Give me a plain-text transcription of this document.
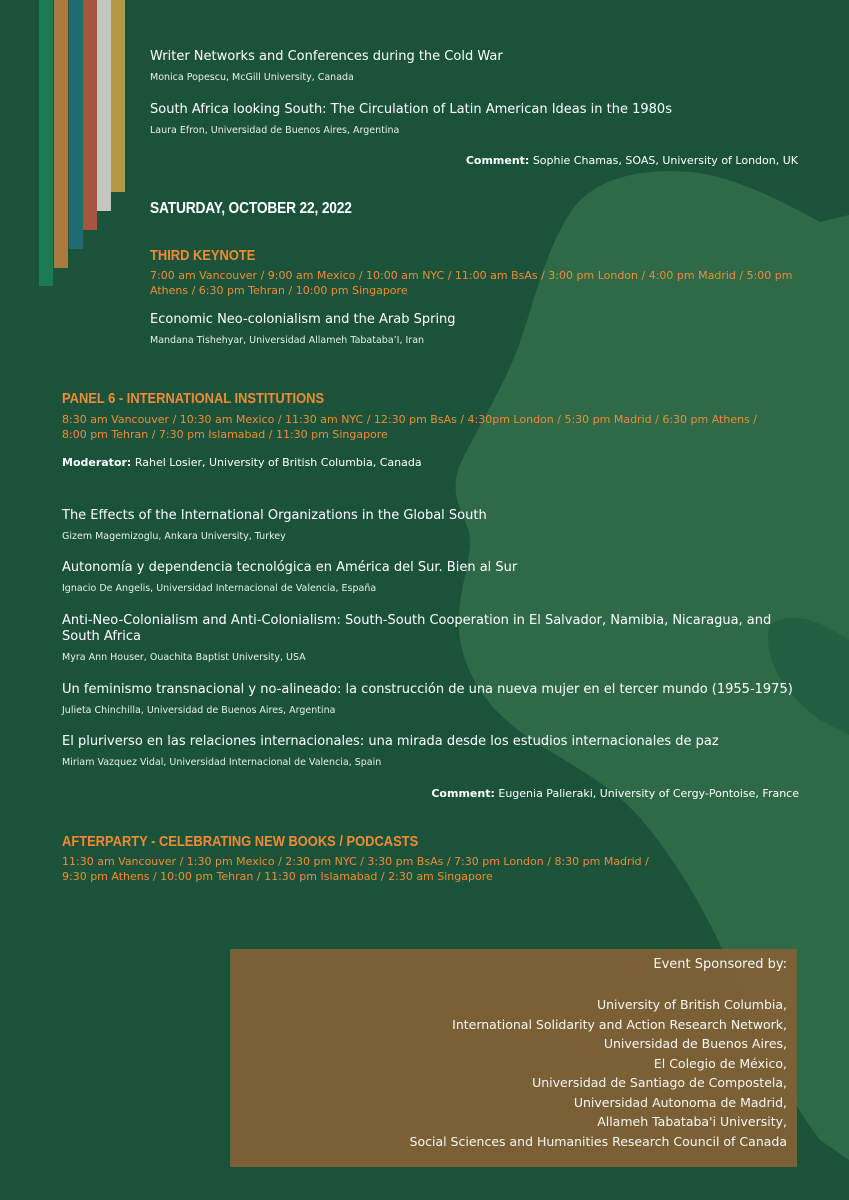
Writer Networks and Conferences during the Cold War
Monica Popescu, McGill University, Canada
South Africa looking South: The Circulation of Latin American Ideas in the 1980s
Laura Efron, Universidad de Buenos Aires, Argentina
Comment: Sophie Chamas, SOAS, University of London, UK
SATURDAY, OCTOBER 22, 2022
THIRD KEYNOTE
7:00 am Vancouver / 9:00 am Mexico / 10:00 am NYC / 11:00 am BsAs / 3:00 pm London / 4:00 pm Madrid / 5:00 pm Athens / 6:30 pm Tehran / 10:00 pm Singapore
Economic Neo-colonialism and the Arab Spring
Mandana Tishehyar, Universidad Allameh Tabataba’I, Iran
PANEL 6 - INTERNATIONAL INSTITUTIONS
8:30 am Vancouver / 10:30 am Mexico / 11:30 am NYC / 12:30 pm BsAs / 4:30pm London / 5:30 pm Madrid / 6:30 pm Athens /
8:00 pm Tehran / 7:30 pm Islamabad / 11:30 pm Singapore
Moderator: Rahel Losier, University of British Columbia, Canada
The Effects of the International Organizations in the Global South
Gizem Magemizoglu, Ankara University, Turkey
Autonomía y dependencia tecnológica en América del Sur. Bien al Sur
Ignacio De Angelis, Universidad Internacional de Valencia, España
Anti-Neo-Colonialism and Anti-Colonialism: South-South Cooperation in El Salvador, Namibia, Nicaragua, and
South Africa
Myra Ann Houser, Ouachita Baptist University, USA
Un feminismo transnacional y no-alineado: la construcción de una nueva mujer en el tercer mundo (1955-1975)
Julieta Chinchilla, Universidad de Buenos Aires, Argentina
El pluriverso en las relaciones internacionales: una mirada desde los estudios internacionales de paz
Miriam Vazquez Vidal, Universidad Internacional de Valencia, Spain
Comment: Eugenia Palieraki, University of Cergy-Pontoise, France
AFTERPARTY - CELEBRATING NEW BOOKS / PODCASTS
11:30 am Vancouver / 1:30 pm Mexico / 2:30 pm NYC / 3:30 pm BsAs / 7:30 pm London / 8:30 pm Madrid /
9:30 pm Athens / 10:00 pm Tehran / 11:30 pm Islamabad / 2:30 am Singapore
Event Sponsored by:
University of British Columbia,
International Solidarity and Action Research Network,
Universidad de Buenos Aires,
El Colegio de México,
Universidad de Santiago de Compostela,
Universidad Autonoma de Madrid,
Allameh Tabataba'i University,
Social Sciences and Humanities Research Council of Canada
